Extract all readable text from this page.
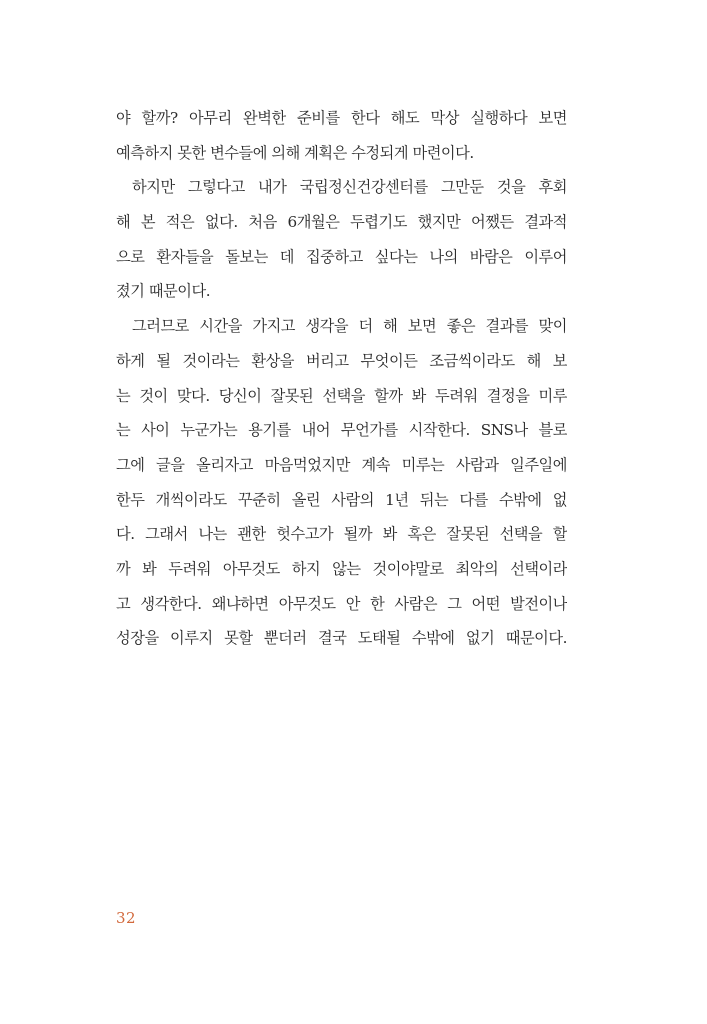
야 할까? 아무리 완벽한 준비를 한다 해도 막상 실행하다 보면
예측하지 못한 변수들에 의해 계획은 수정되게 마련이다.
하지만 그렇다고 내가 국립정신건강센터를 그만둔 것을 후회
해 본 적은 없다. 처음 6개월은 두렵기도 했지만 어쨌든 결과적
으로 환자들을 돌보는 데 집중하고 싶다는 나의 바람은 이루어
졌기 때문이다.
그러므로 시간을 가지고 생각을 더 해 보면 좋은 결과를 맞이
하게 될 것이라는 환상을 버리고 무엇이든 조금씩이라도 해 보
는 것이 맞다. 당신이 잘못된 선택을 할까 봐 두려워 결정을 미루
는 사이 누군가는 용기를 내어 무언가를 시작한다. SNS나 블로
그에 글을 올리자고 마음먹었지만 계속 미루는 사람과 일주일에
한두 개씩이라도 꾸준히 올린 사람의 1년 뒤는 다를 수밖에 없
다. 그래서 나는 괜한 헛수고가 될까 봐 혹은 잘못된 선택을 할
까 봐 두려워 아무것도 하지 않는 것이야말로 최악의 선택이라
고 생각한다. 왜냐하면 아무것도 안 한 사람은 그 어떤 발전이나
성장을 이루지 못할 뿐더러 결국 도태될 수밖에 없기 때문이다.
32
